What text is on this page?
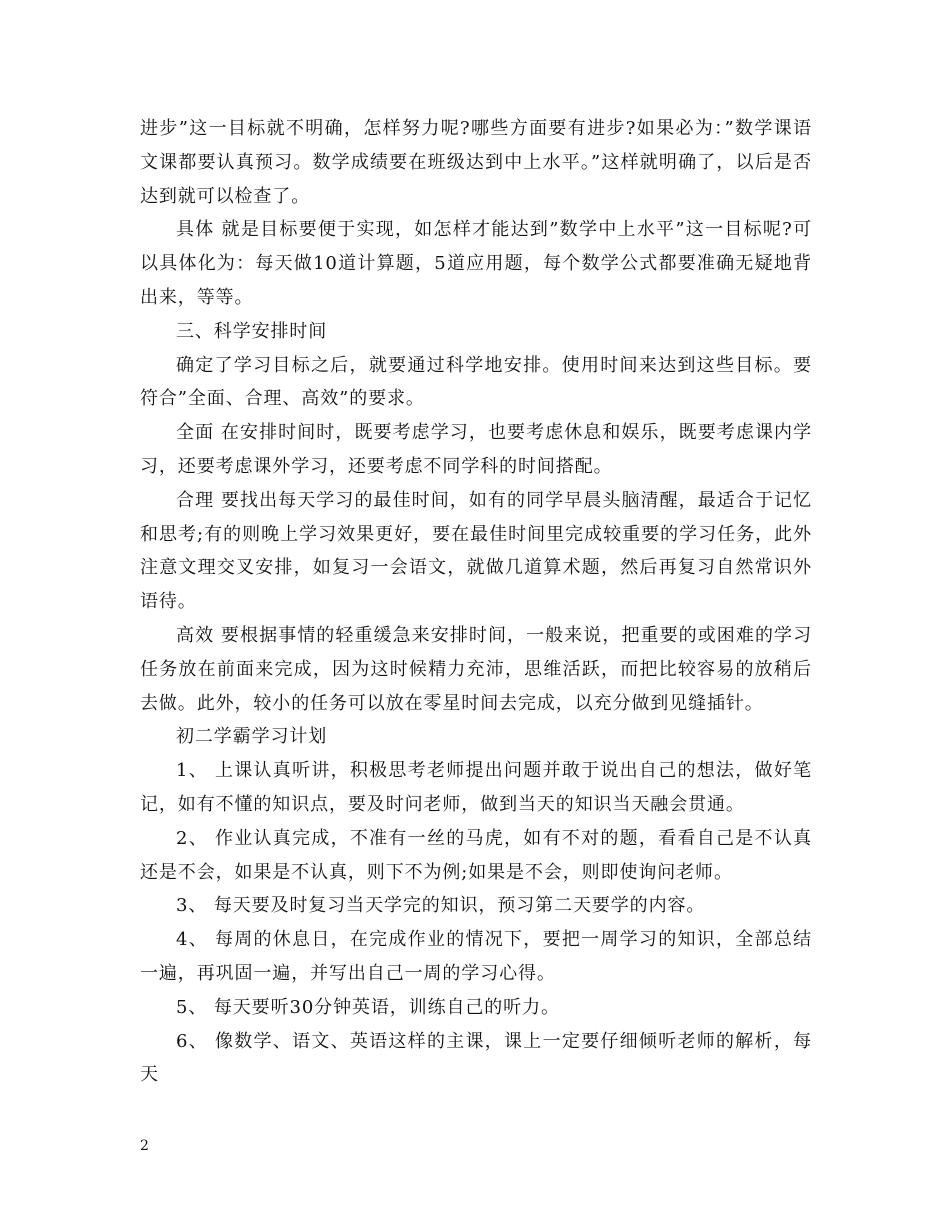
进步”这一目标就不明确，怎样努力呢?哪些方面要有进步?如果必为：”数学课语文课都要认真预习。数学成绩要在班级达到中上水平。”这样就明确了，以后是否达到就可以检查了。

具体 就是目标要便于实现，如怎样才能达到”数学中上水平”这一目标呢?可以具体化为：每天做10道计算题，5道应用题，每个数学公式都要准确无疑地背出来，等等。

三、科学安排时间

确定了学习目标之后，就要通过科学地安排。使用时间来达到这些目标。要符合”全面、合理、高效”的要求。

全面 在安排时间时，既要考虑学习，也要考虑休息和娱乐，既要考虑课内学习，还要考虑课外学习，还要考虑不同学科的时间搭配。

合理 要找出每天学习的最佳时间，如有的同学早晨头脑清醒，最适合于记忆和思考;有的则晚上学习效果更好，要在最佳时间里完成较重要的学习任务，此外注意文理交叉安排，如复习一会语文，就做几道算术题，然后再复习自然常识外语待。

高效 要根据事情的轻重缓急来安排时间，一般来说，把重要的或困难的学习任务放在前面来完成，因为这时候精力充沛，思维活跃，而把比较容易的放稍后去做。此外，较小的任务可以放在零星时间去完成，以充分做到见缝插针。

初二学霸学习计划

1、 上课认真听讲，积极思考老师提出问题并敢于说出自己的想法，做好笔记，如有不懂的知识点，要及时问老师，做到当天的知识当天融会贯通。

2、 作业认真完成，不准有一丝的马虎，如有不对的题，看看自己是不认真还是不会，如果是不认真，则下不为例;如果是不会，则即使询问老师。

3、 每天要及时复习当天学完的知识，预习第二天要学的内容。

4、 每周的休息日，在完成作业的情况下，要把一周学习的知识，全部总结一遍，再巩固一遍，并写出自己一周的学习心得。

5、 每天要听30分钟英语，训练自己的听力。

6、 像数学、语文、英语这样的主课，课上一定要仔细倾听老师的解析，每天

2
